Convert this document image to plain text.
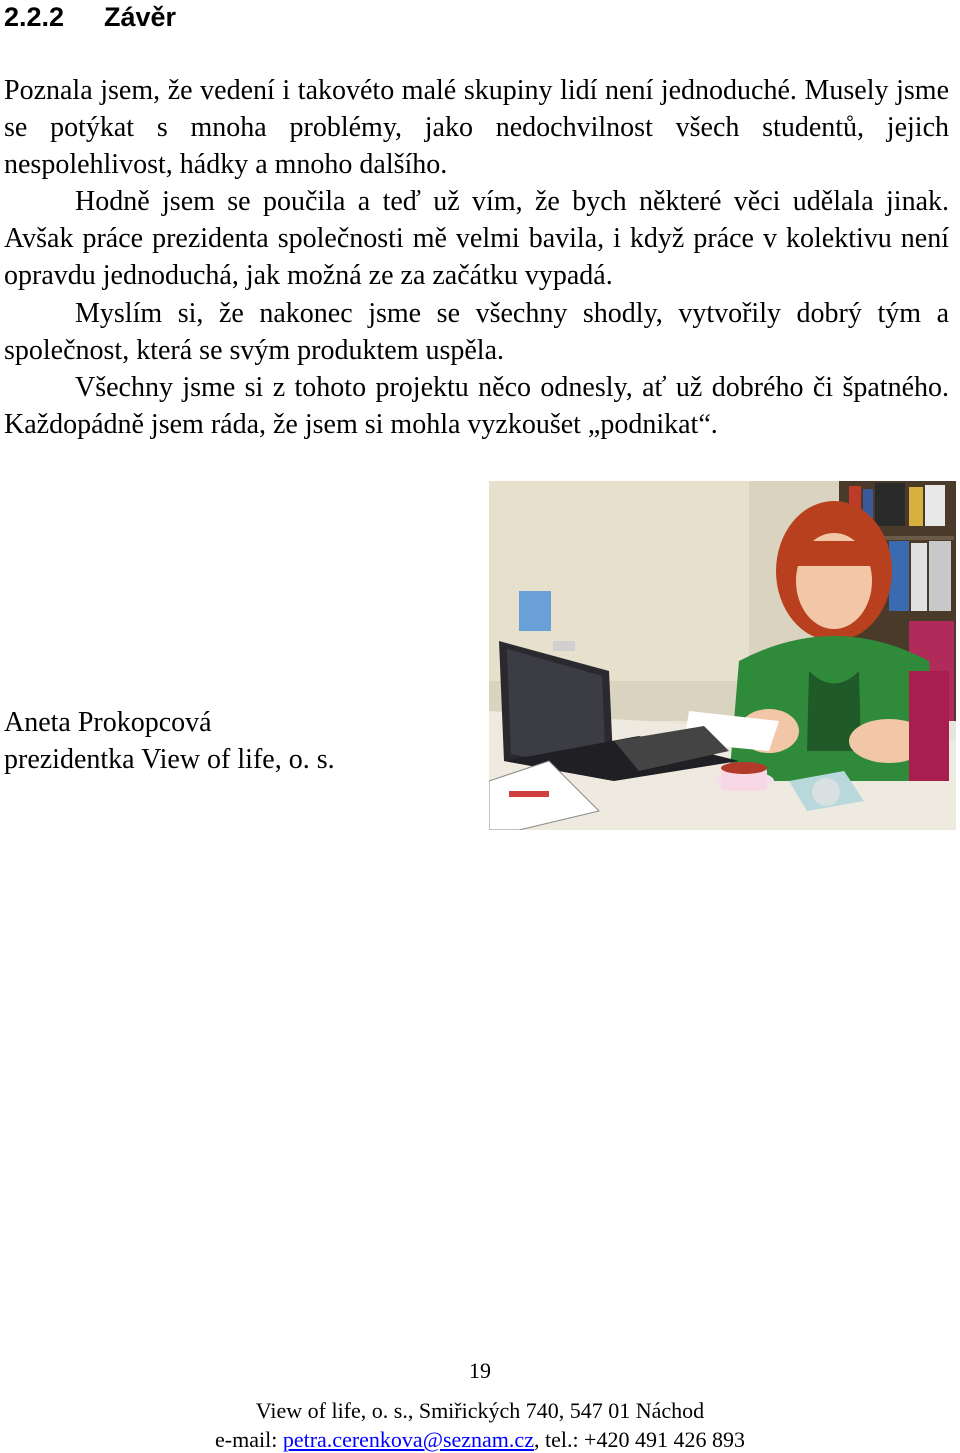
2.2.2 Závěr

Poznala jsem, že vedení i takovéto malé skupiny lidí není jednoduché. Musely jsme se potýkat s mnoha problémy, jako nedochvilnost všech studentů, jejich nespolehlivost, hádky a mnoho dalšího.

Hodně jsem se poučila a teď už vím, že bych některé věci udělala jinak. Avšak práce prezidenta společnosti mě velmi bavila, i když práce v kolektivu není opravdu jednoduchá, jak možná ze za začátku vypadá.

Myslím si, že nakonec jsme se všechny shodly, vytvořily dobrý tým a společnost, která se svým produktem uspěla.

Všechny jsme si z tohoto projektu něco odnesly, ať už dobrého či špatného. Každopádně jsem ráda, že jsem si mohla vyzkoušet „podnikat“.

Aneta Prokopcová
prezidentka View of life, o. s.
19
View of life, o. s., Smiřických 740, 547 01 Náchod
e-mail: petra.cerenkova@seznam.cz, tel.: +420 491 426 893
